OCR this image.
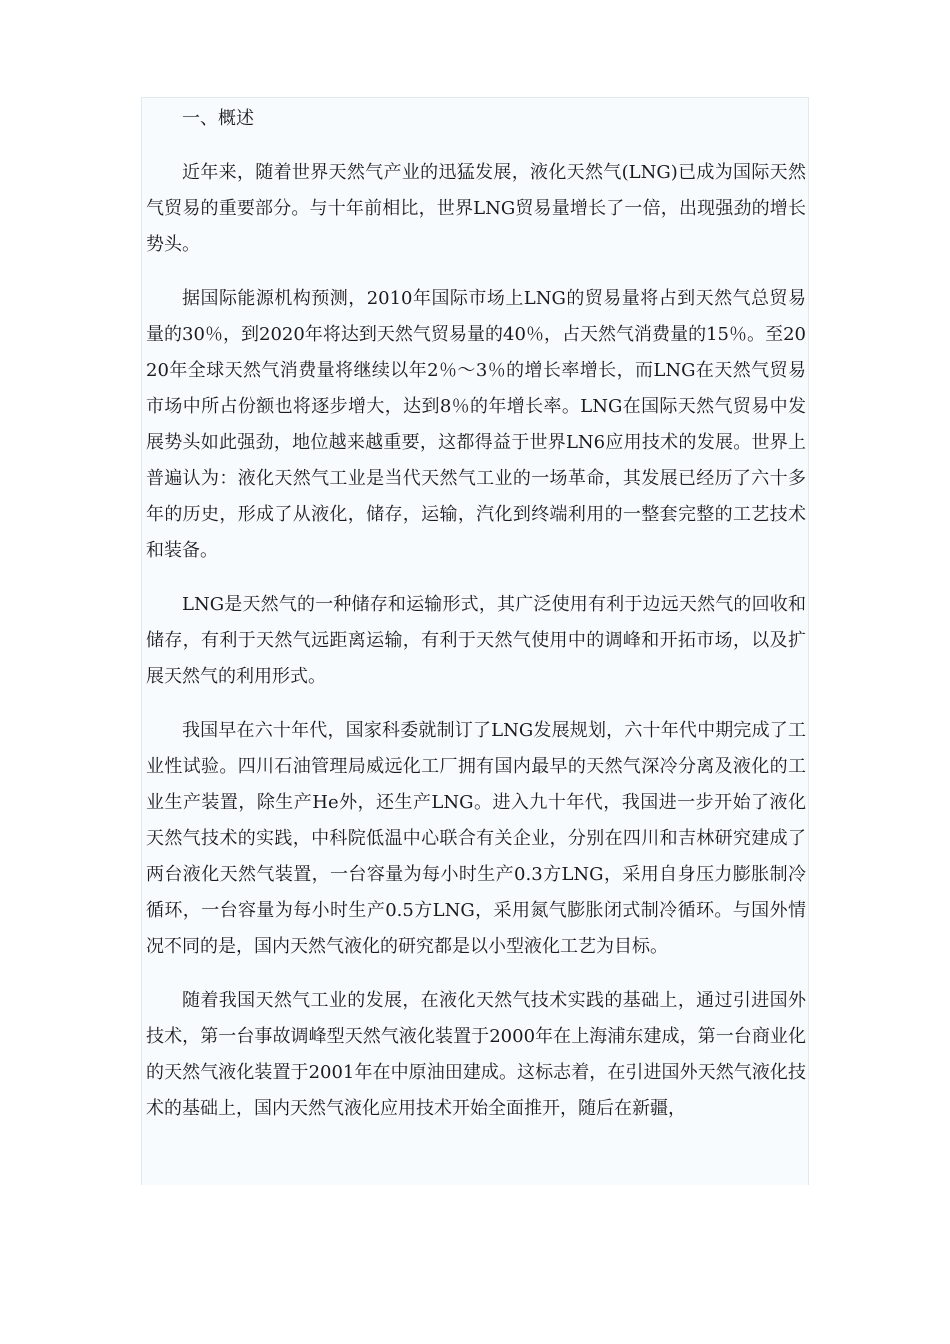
一、概述

近年来，随着世界天然气产业的迅猛发展，液化天然气(LNG)已成为国际天然气贸易的重要部分。与十年前相比，世界LNG贸易量增长了一倍，出现强劲的增长势头。

据国际能源机构预测，2010年国际市场上LNG的贸易量将占到天然气总贸易量的30％，到2020年将达到天然气贸易量的40％，占天然气消费量的15％。至2020年全球天然气消费量将继续以年2％～3％的增长率增长，而LNG在天然气贸易市场中所占份额也将逐步增大，达到8％的年增长率。LNG在国际天然气贸易中发展势头如此强劲，地位越来越重要，这都得益于世界LN6应用技术的发展。世界上普遍认为：液化天然气工业是当代天然气工业的一场革命，其发展已经历了六十多年的历史，形成了从液化，储存，运输，汽化到终端利用的一整套完整的工艺技术和装备。

LNG是天然气的一种储存和运输形式，其广泛使用有利于边远天然气的回收和储存，有利于天然气远距离运输，有利于天然气使用中的调峰和开拓市场，以及扩展天然气的利用形式。

我国早在六十年代，国家科委就制订了LNG发展规划，六十年代中期完成了工业性试验。四川石油管理局威远化工厂拥有国内最早的天然气深冷分离及液化的工业生产装置，除生产He外，还生产LNG。进入九十年代，我国进一步开始了液化天然气技术的实践，中科院低温中心联合有关企业，分别在四川和吉林研究建成了两台液化天然气装置，一台容量为每小时生产0.3方LNG，采用自身压力膨胀制冷循环，一台容量为每小时生产0.5方LNG，采用氮气膨胀闭式制冷循环。与国外情况不同的是，国内天然气液化的研究都是以小型液化工艺为目标。

随着我国天然气工业的发展，在液化天然气技术实践的基础上，通过引进国外技术，第一台事故调峰型天然气液化装置于2000年在上海浦东建成，第一台商业化的天然气液化装置于2001年在中原油田建成。这标志着，在引进国外天然气液化技术的基础上，国内天然气液化应用技术开始全面推开，随后在新疆，
